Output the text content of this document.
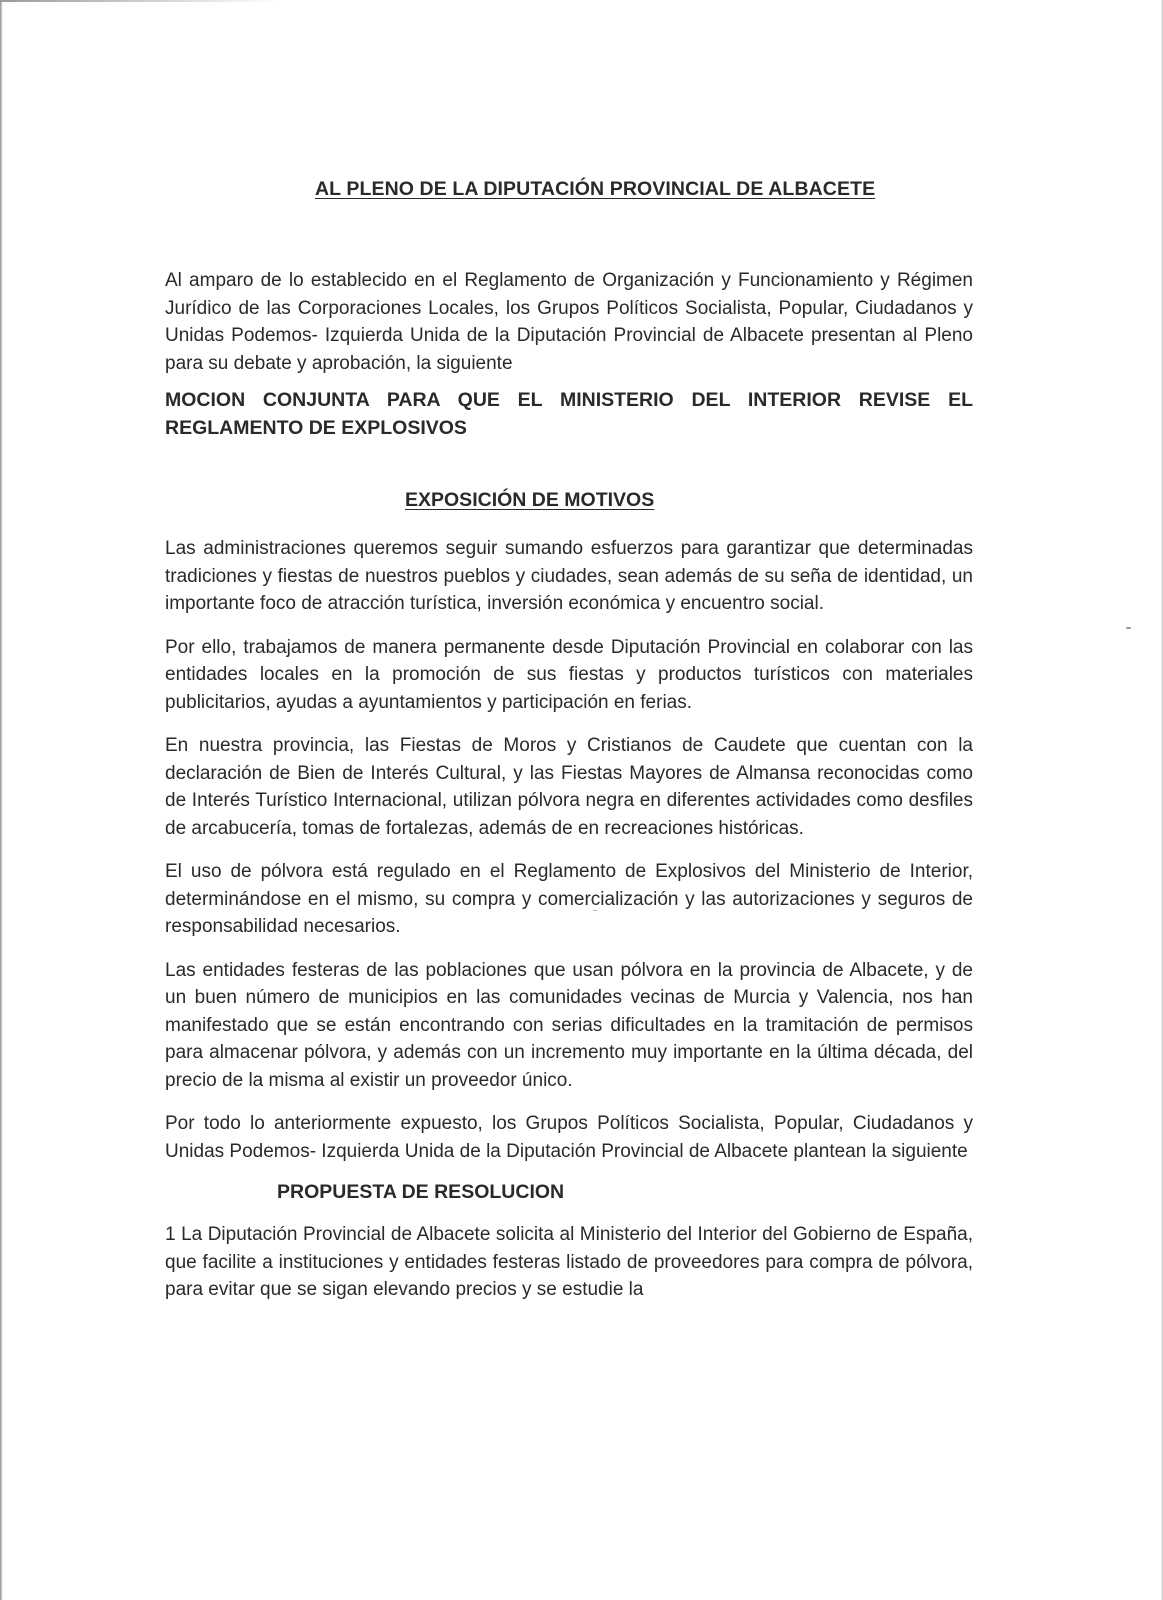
AL PLENO DE LA DIPUTACIÓN PROVINCIAL DE ALBACETE

Al amparo de lo establecido en el Reglamento de Organización y Funcionamiento y Régimen Jurídico de las Corporaciones Locales, los Grupos Políticos Socialista, Popular, Ciudadanos y Unidas Podemos- Izquierda Unida de la Diputación Provincial de Albacete presentan al Pleno para su debate y aprobación, la siguiente

MOCION CONJUNTA PARA QUE EL MINISTERIO DEL INTERIOR REVISE EL REGLAMENTO DE EXPLOSIVOS

EXPOSICIÓN DE MOTIVOS

Las administraciones queremos seguir sumando esfuerzos para garantizar que determinadas tradiciones y fiestas de nuestros pueblos y ciudades, sean además de su seña de identidad, un importante foco de atracción turística, inversión económica y encuentro social.

Por ello, trabajamos de manera permanente desde Diputación Provincial en colaborar con las entidades locales en la promoción de sus fiestas y productos turísticos con materiales publicitarios, ayudas a ayuntamientos y participación en ferias.

En nuestra provincia, las Fiestas de Moros y Cristianos de Caudete que cuentan con la declaración de Bien de Interés Cultural, y las Fiestas Mayores de Almansa reconocidas como de Interés Turístico Internacional, utilizan pólvora negra en diferentes actividades como desfiles de arcabucería, tomas de fortalezas, además de en recreaciones históricas.

El uso de pólvora está regulado en el Reglamento de Explosivos del Ministerio de Interior, determinándose en el mismo, su compra y comercialización y las autorizaciones y seguros de responsabilidad necesarios.

Las entidades festeras de las poblaciones que usan pólvora en la provincia de Albacete, y de un buen número de municipios en las comunidades vecinas de Murcia y Valencia, nos han manifestado que se están encontrando con serias dificultades en la tramitación de permisos para almacenar pólvora, y además con un incremento muy importante en la última década, del precio de la misma al existir un proveedor único.

Por todo lo anteriormente expuesto, los Grupos Políticos Socialista, Popular, Ciudadanos y Unidas Podemos- Izquierda Unida de la Diputación Provincial de Albacete plantean la siguiente

PROPUESTA DE RESOLUCION

1 La Diputación Provincial de Albacete solicita al Ministerio del Interior del Gobierno de España, que facilite a instituciones y entidades festeras listado de proveedores para compra de pólvora, para evitar que se sigan elevando precios y se estudie la
